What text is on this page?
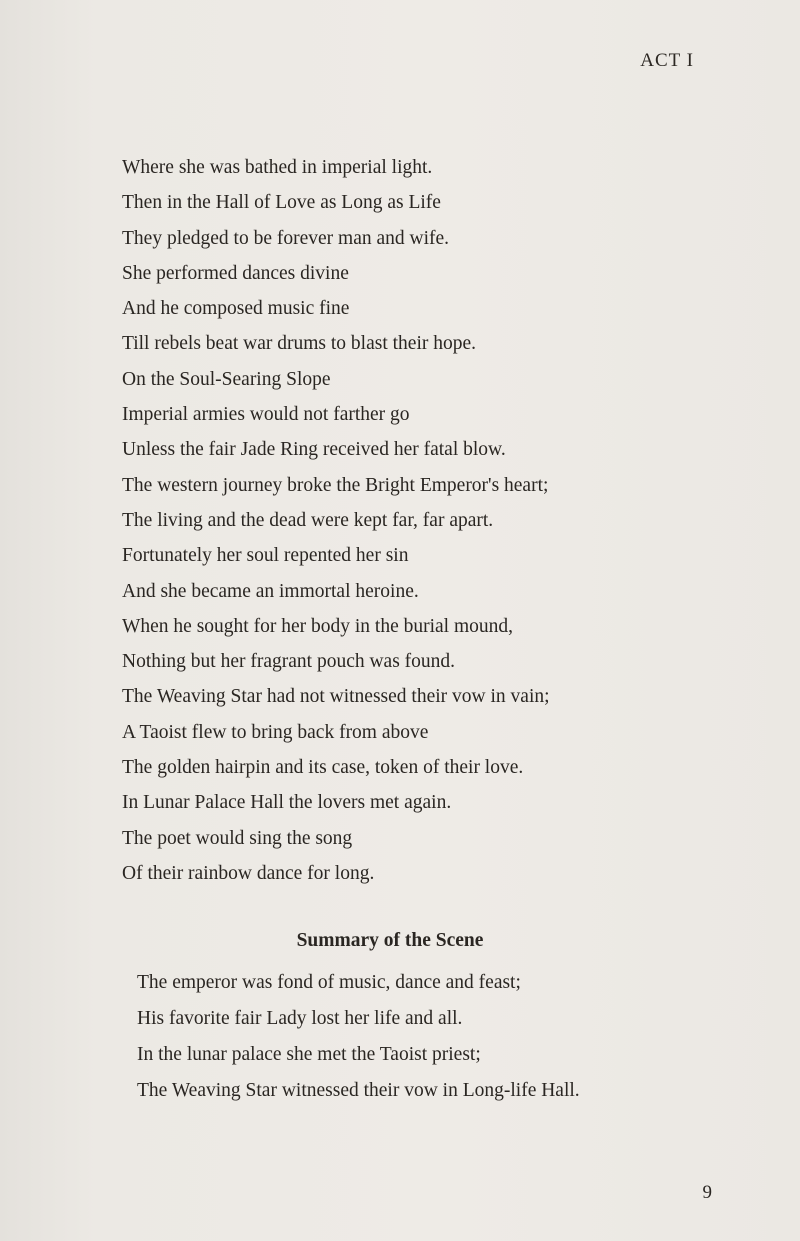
ACT I
Where she was bathed in imperial light.
Then in the Hall of Love as Long as Life
They pledged to be forever man and wife.
She performed dances divine
And he composed music fine
Till rebels beat war drums to blast their hope.
On the Soul-Searing Slope
Imperial armies would not farther go
Unless the fair Jade Ring received her fatal blow.
The western journey broke the Bright Emperor's heart;
The living and the dead were kept far, far apart.
Fortunately her soul repented her sin
And she became an immortal heroine.
When he sought for her body in the burial mound,
Nothing but her fragrant pouch was found.
The Weaving Star had not witnessed their vow in vain;
A Taoist flew to bring back from above
The golden hairpin and its case, token of their love.
In Lunar Palace Hall the lovers met again.
The poet would sing the song
Of their rainbow dance for long.
Summary of the Scene
The emperor was fond of music, dance and feast;
His favorite fair Lady lost her life and all.
In the lunar palace she met the Taoist priest;
The Weaving Star witnessed their vow in Long-life Hall.
9
